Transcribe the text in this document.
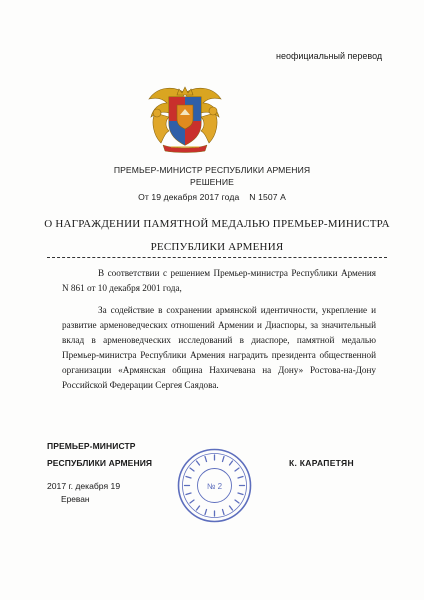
неофициальный перевод
ПРЕМЬЕР-МИНИСТР РЕСПУБЛИКИ АРМЕНИЯ
РЕШЕНИЕ
От 19 декабря 2017 года    N 1507 А
О НАГРАЖДЕНИИ ПАМЯТНОЙ МЕДАЛЬЮ ПРЕМЬЕР-МИНИСТРА
РЕСПУБЛИКИ АРМЕНИЯ
В соответствии с решением Премьер-министра Республики Армения N 861 от 10 декабря 2001 года,
За содействие в сохранении армянской идентичности, укрепление и развитие арменоведческих отношений Армении и Диаспоры, за значительный вклад в арменоведческих исследований в диаспоре, памятной медалью Премьер-министра Республики Армения наградить президента общественной организации «Армянская община Нахичевана на Дону» Ростова-на-Дону Российской Федерации Сергея Саядова.
ПРЕМЬЕР-МИНИСТР
РЕСПУБЛИКИ АРМЕНИЯ	К. КАРАПЕТЯН
2017 г. декабря 19
Ереван
№ 2
